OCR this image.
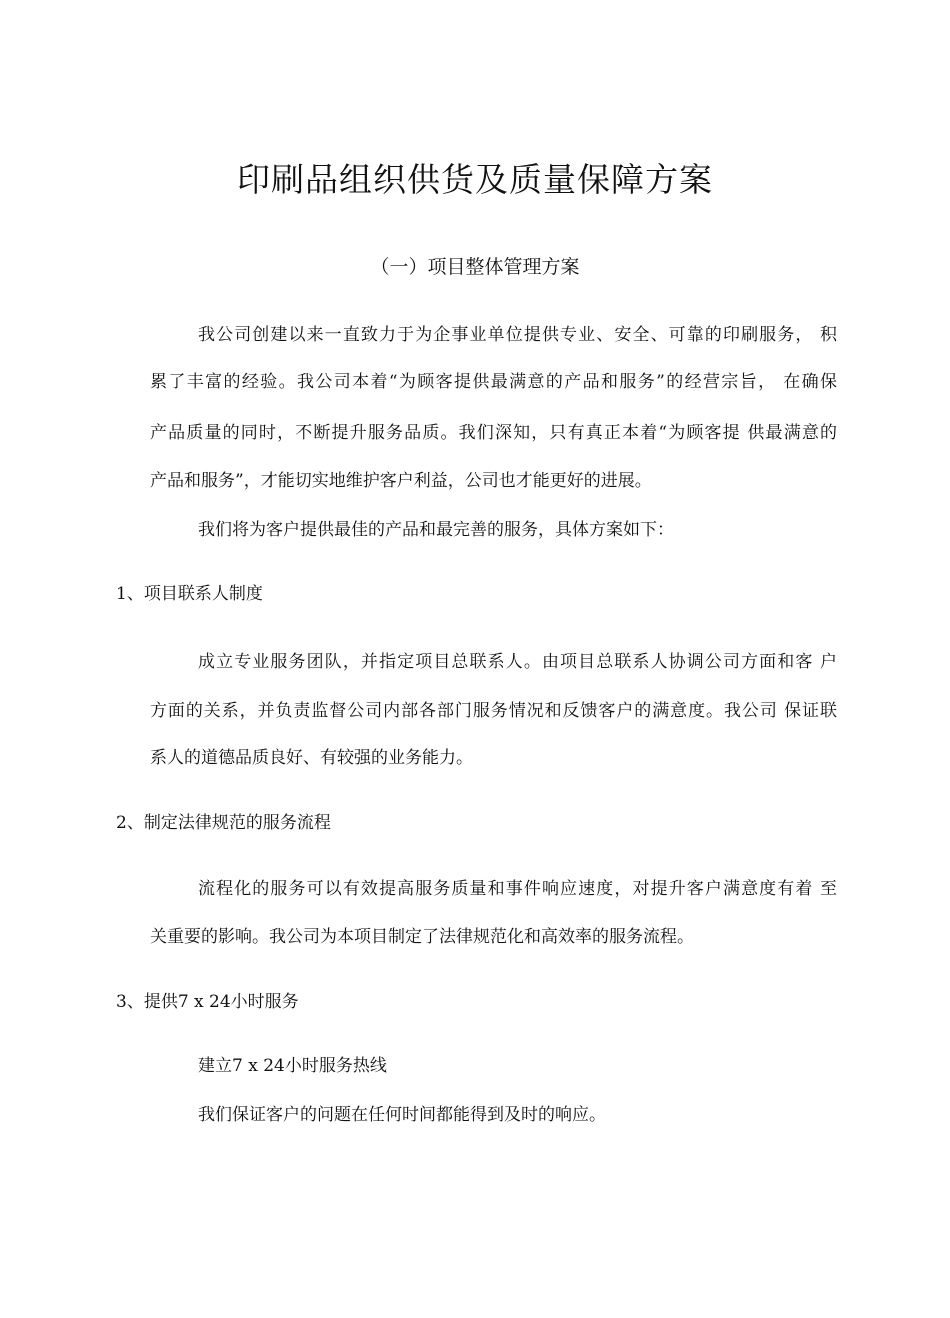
印刷品组织供货及质量保障方案
（一）项目整体管理方案
我公司创建以来一直致力于为企事业单位提供专业、安全、可靠的印刷服务， 积
累了丰富的经验。我公司本着“为顾客提供最满意的产品和服务”的经营宗旨， 在确保
产品质量的同时，不断提升服务品质。我们深知，只有真正本着“为顾客提 供最满意的
产品和服务”，才能切实地维护客户利益，公司也才能更好的进展。
我们将为客户提供最佳的产品和最完善的服务，具体方案如下：
1、项目联系人制度
成立专业服务团队，并指定项目总联系人。由项目总联系人协调公司方面和客 户
方面的关系，并负责监督公司内部各部门服务情况和反馈客户的满意度。我公司 保证联
系人的道德品质良好、有较强的业务能力。
2、制定法律规范的服务流程
流程化的服务可以有效提高服务质量和事件响应速度，对提升客户满意度有着 至
关重要的影响。我公司为本项目制定了法律规范化和高效率的服务流程。
3、提供7 x 24小时服务
建立7 x 24小时服务热线
我们保证客户的问题在任何时间都能得到及时的响应。
